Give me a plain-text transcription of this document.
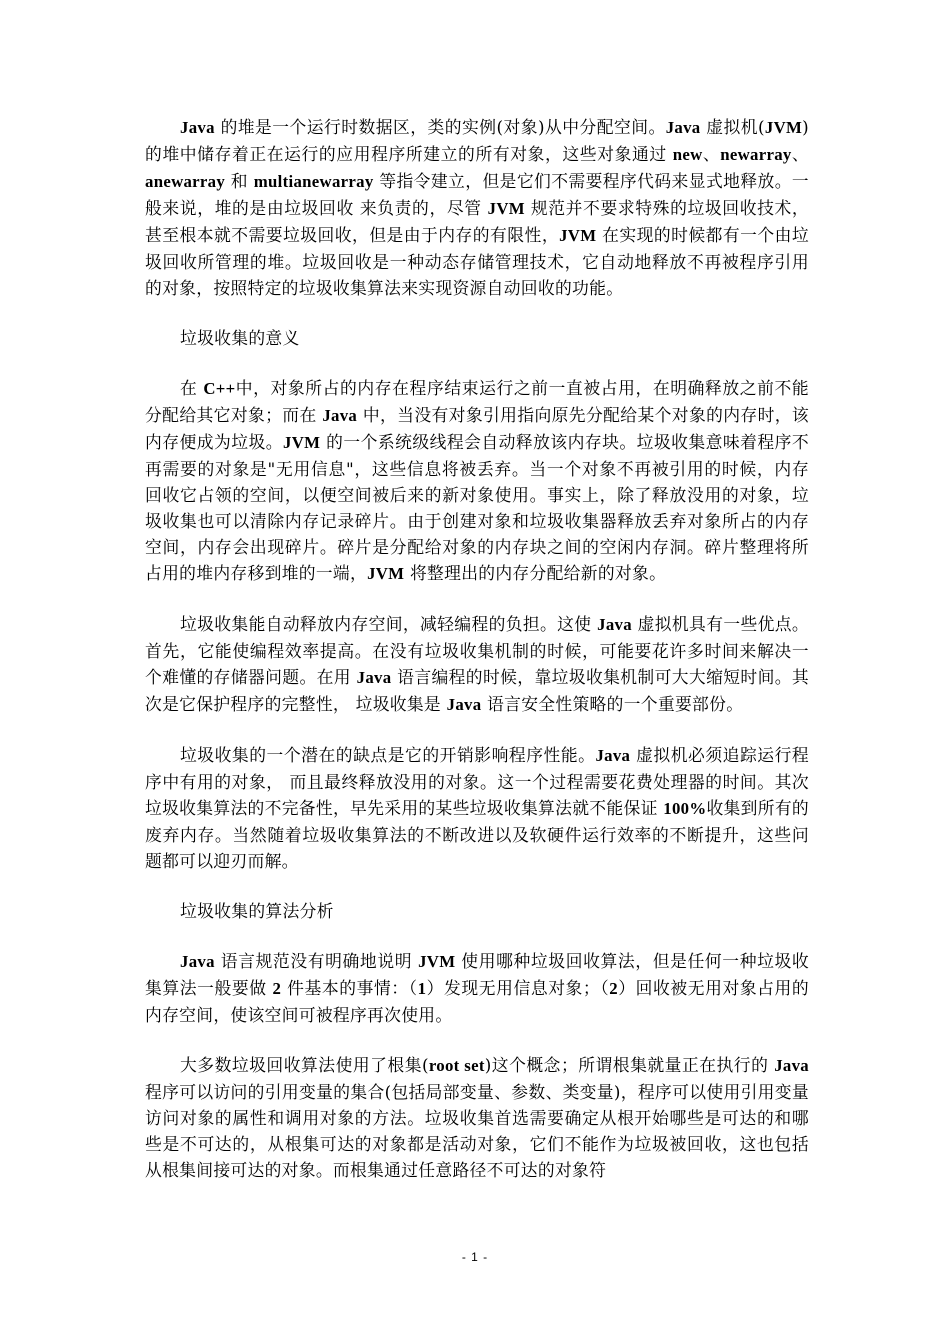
Java 的堆是一个运行时数据区，类的实例(对象)从中分配空间。Java 虚拟机(JVM)的堆中储存着正在运行的应用程序所建立的所有对象，这些对象通过 new、newarray、anewarray 和 multianewarray 等指令建立，但是它们不需要程序代码来显式地释放。一般来说，堆的是由垃圾回收 来负责的，尽管 JVM 规范并不要求特殊的垃圾回收技术，甚至根本就不需要垃圾回收，但是由于内存的有限性，JVM 在实现的时候都有一个由垃圾回收所管理的堆。垃圾回收是一种动态存储管理技术，它自动地释放不再被程序引用的对象，按照特定的垃圾收集算法来实现资源自动回收的功能。

垃圾收集的意义

在 C++中，对象所占的内存在程序结束运行之前一直被占用，在明确释放之前不能分配给其它对象；而在 Java 中，当没有对象引用指向原先分配给某个对象的内存时，该内存便成为垃圾。JVM 的一个系统级线程会自动释放该内存块。垃圾收集意味着程序不再需要的对象是"无用信息"，这些信息将被丢弃。当一个对象不再被引用的时候，内存回收它占领的空间，以便空间被后来的新对象使用。事实上，除了释放没用的对象，垃圾收集也可以清除内存记录碎片。由于创建对象和垃圾收集器释放丢弃对象所占的内存空间，内存会出现碎片。碎片是分配给对象的内存块之间的空闲内存洞。碎片整理将所占用的堆内存移到堆的一端，JVM 将整理出的内存分配给新的对象。

垃圾收集能自动释放内存空间，减轻编程的负担。这使 Java 虚拟机具有一些优点。首先，它能使编程效率提高。在没有垃圾收集机制的时候，可能要花许多时间来解决一个难懂的存储器问题。在用 Java 语言编程的时候，靠垃圾收集机制可大大缩短时间。其次是它保护程序的完整性， 垃圾收集是 Java 语言安全性策略的一个重要部份。

垃圾收集的一个潜在的缺点是它的开销影响程序性能。Java 虚拟机必须追踪运行程序中有用的对象， 而且最终释放没用的对象。这一个过程需要花费处理器的时间。其次垃圾收集算法的不完备性，早先采用的某些垃圾收集算法就不能保证 100%收集到所有的废弃内存。当然随着垃圾收集算法的不断改进以及软硬件运行效率的不断提升，这些问题都可以迎刃而解。

垃圾收集的算法分析

Java 语言规范没有明确地说明 JVM 使用哪种垃圾回收算法，但是任何一种垃圾收集算法一般要做 2 件基本的事情：（1）发现无用信息对象；（2）回收被无用对象占用的内存空间，使该空间可被程序再次使用。

大多数垃圾回收算法使用了根集(root set)这个概念；所谓根集就量正在执行的 Java 程序可以访问的引用变量的集合(包括局部变量、参数、类变量)，程序可以使用引用变量访问对象的属性和调用对象的方法。垃圾收集首选需要确定从根开始哪些是可达的和哪些是不可达的，从根集可达的对象都是活动对象，它们不能作为垃圾被回收，这也包括从根集间接可达的对象。而根集通过任意路径不可达的对象符

- 1 -
